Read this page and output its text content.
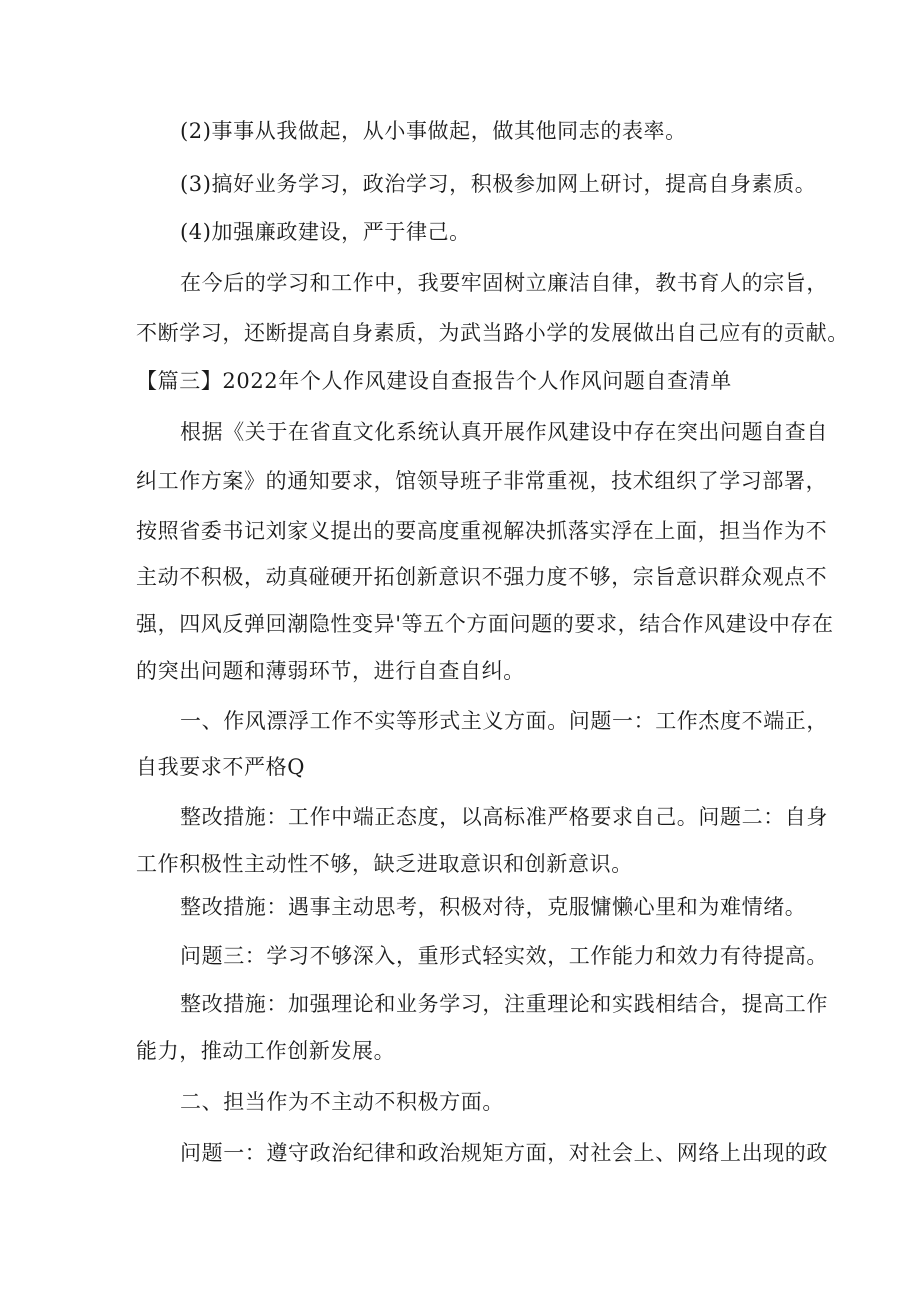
(2)事事从我做起，从小事做起，做其他同志的表率。
(3)搞好业务学习，政治学习，积极参加网上研讨，提高自身素质。
(4)加强廉政建设，严于律己。
在今后的学习和工作中，我要牢固树立廉洁自律，教书育人的宗旨，
不断学习，还断提高自身素质，为武当路小学的发展做出自己应有的贡献。
【篇三】2022年个人作风建设自查报告个人作风问题自查清单
根据《关于在省直文化系统认真开展作风建设中存在突出问题自查自
纠工作方案》的通知要求，馆领导班子非常重视，技术组织了学习部署，
按照省委书记刘家义提出的要高度重视解决抓落实浮在上面，担当作为不
主动不积极，动真碰硬开拓创新意识不强力度不够，宗旨意识群众观点不
强，四风反弹回潮隐性变异'等五个方面问题的要求，结合作风建设中存在
的突出问题和薄弱环节，进行自查自纠。
一、作风漂浮工作不实等形式主义方面。问题一：工作杰度不端正，
自我要求不严格Q
整改措施：工作中端正态度，以高标准严格要求自己。问题二：自身
工作积极性主动性不够，缺乏进取意识和创新意识。
整改措施：遇事主动思考，积极对待，克服慵懒心里和为难情绪。
问题三：学习不够深入，重形式轻实效，工作能力和效力有待提高。
整改措施：加强理论和业务学习，注重理论和实践相结合，提高工作
能力，推动工作创新发展。
二、担当作为不主动不积极方面。
问题一：遵守政治纪律和政治规矩方面，对社会上、网络上出现的政
